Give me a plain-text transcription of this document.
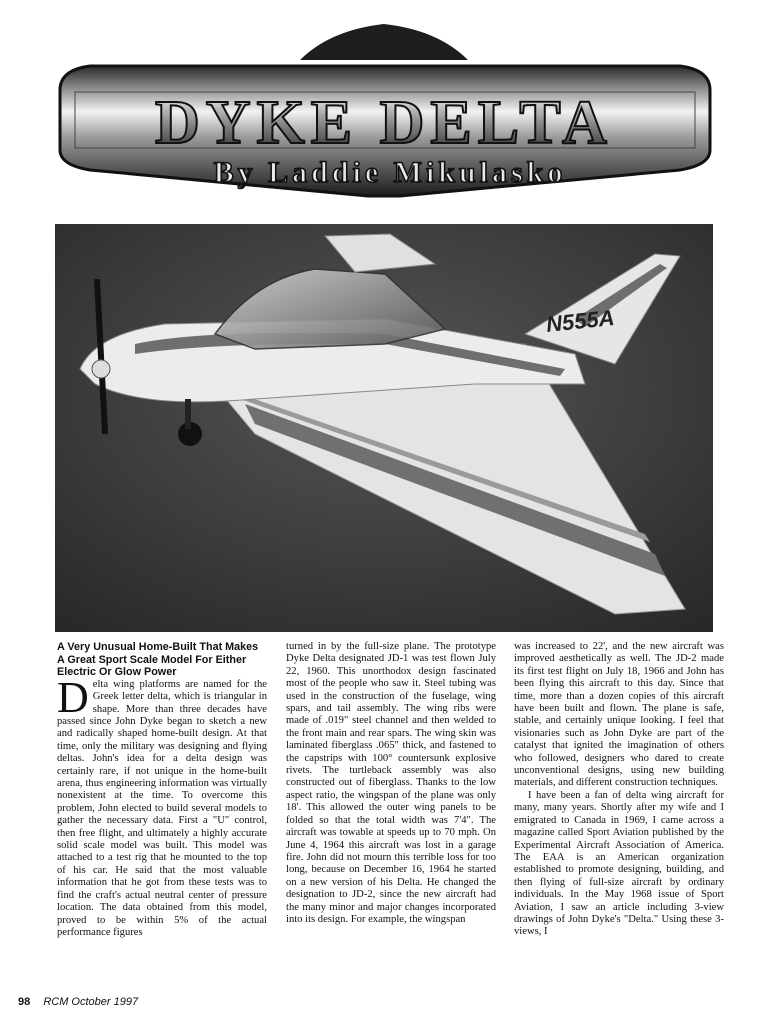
DYKE DELTA
By Laddie Mikulasko
N555A

A Very Unusual Home-Built That Makes A Great Sport Scale Model For Either Electric Or Glow Power

Delta wing platforms are named for the Greek letter delta, which is triangular in shape. More than three decades have passed since John Dyke began to sketch a new and radically shaped home-built design. At that time, only the military was designing and flying deltas. John's idea for a delta design was certainly rare, if not unique in the home-built arena, thus engineering information was virtually nonexistent at the time. To overcome this problem, John elected to build several models to gather the necessary data. First a "U" control, then free flight, and ultimately a highly accurate solid scale model was built. This model was attached to a test rig that he mounted to the top of his car. He said that the most valuable information that he got from these tests was to find the craft's actual neutral center of pressure location. The data obtained from this model, proved to be within 5% of the actual performance figures

turned in by the full-size plane. The prototype Dyke Delta designated JD-1 was test flown July 22, 1960. This unorthodox design fascinated most of the people who saw it. Steel tubing was used in the construction of the fuselage, wing spars, and tail assembly. The wing ribs were made of .019" steel channel and then welded to the front main and rear spars. The wing skin was laminated fiberglass .065" thick, and fastened to the capstrips with 100° countersunk explosive rivets. The turtleback assembly was also constructed out of fiberglass. Thanks to the low aspect ratio, the wingspan of the plane was only 18'. This allowed the outer wing panels to be folded so that the total width was 7'4". The aircraft was towable at speeds up to 70 mph. On June 4, 1964 this aircraft was lost in a garage fire. John did not mourn this terrible loss for too long, because on December 16, 1964 he started on a new version of his Delta. He changed the designation to JD-2, since the new aircraft had the many minor and major changes incorporated into its design. For example, the wingspan

was increased to 22', and the new aircraft was improved aesthetically as well. The JD-2 made its first test flight on July 18, 1966 and John has been flying this aircraft to this day. Since that time, more than a dozen copies of this aircraft have been built and flown. The plane is safe, stable, and certainly unique looking. I feel that visionaries such as John Dyke are part of the catalyst that ignited the imagination of others who followed, designers who dared to create unconventional designs, using new building materials, and different construction techniques.

I have been a fan of delta wing aircraft for many, many years. Shortly after my wife and I emigrated to Canada in 1969, I came across a magazine called Sport Aviation published by the Experimental Aircraft Association of America. The EAA is an American organization established to promote designing, building, and then flying of full-size aircraft by ordinary individuals. In the May 1968 issue of Sport Aviation, I saw an article including 3-view drawings of John Dyke's "Delta." Using these 3-views, I

98 RCM October 1997
